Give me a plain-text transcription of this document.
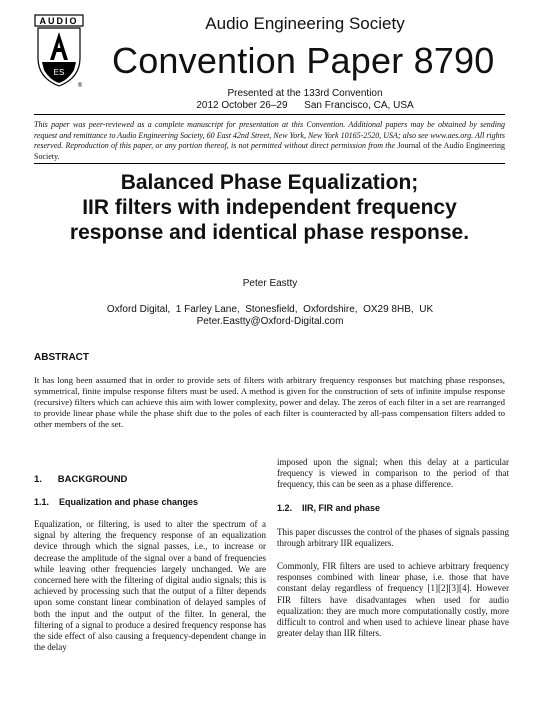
AUDIO
ES
®
Audio Engineering Society
Convention Paper 8790
Presented at the 133rd Convention
2012 October 26–29      San Francisco, CA, USA
This paper was peer-reviewed as a complete manuscript for presentation at this Convention. Additional papers may be obtained by sending request and remittance to Audio Engineering Society, 60 East 42nd Street, New York, New York 10165-2520, USA; also see www.aes.org. All rights reserved. Reproduction of this paper, or any portion thereof, is not permitted without direct permission from the Journal of the Audio Engineering Society.
Balanced Phase Equalization;
IIR filters with independent frequency
response and identical phase response.
Peter Eastty
Oxford Digital,  1 Farley Lane,  Stonesfield,  Oxfordshire,  OX29 8HB,  UK
Peter.Eastty@Oxford-Digital.com
ABSTRACT
It has long been assumed that in order to provide sets of filters with arbitrary frequency responses but matching phase responses, symmetrical, finite impulse response filters must be used. A method is given for the construction of sets of infinite impulse response (recursive) filters which can achieve this aim with lower complexity, power and delay. The zeros of each filter in a set are rearranged to provide linear phase while the phase shift due to the poles of each filter is counteracted by all-pass compensation filters added to other members of the set.
1.      BACKGROUND
1.1.    Equalization and phase changes
Equalization, or filtering, is used to alter the spectrum of a signal by altering the frequency response of an equalization device through which the signal passes, i.e., to increase or decrease the amplitude of the signal over a band of frequencies while leaving other frequencies largely unchanged. We are concerned here with the filtering of digital audio signals; this is achieved by processing such that the output of a filter depends upon some constant linear combination of delayed samples of both the input and the output of the filter. In general, the filtering of a signal to produce a desired frequency response has the side effect of also causing a frequency-dependent change in the delay
imposed upon the signal; when this delay at a particular frequency is viewed in comparison to the period of that frequency, this can be seen as a phase difference.
1.2.    IIR, FIR and phase
This paper discusses the control of the phases of signals passing through arbitrary IIR equalizers.
Commonly, FIR filters are used to achieve arbitrary frequency responses combined with linear phase, i.e. those that have constant delay regardless of frequency [1][2][3][4]. However FIR filters have disadvantages when used for audio equalization: they are much more computationally costly, more difficult to control and when used to achieve linear phase have greater delay than IIR filters.
